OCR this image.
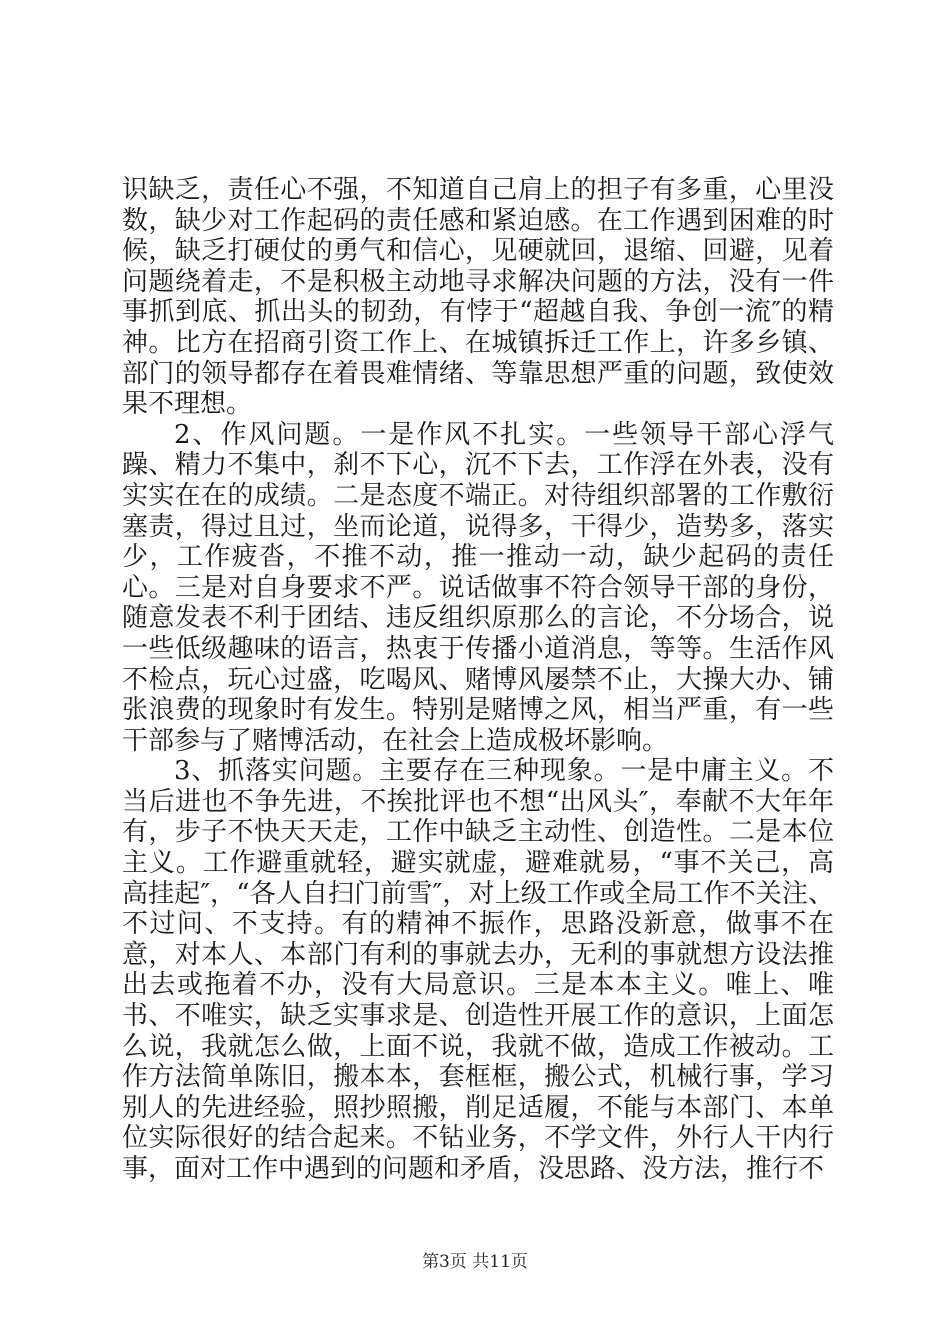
识缺乏，责任心不强，不知道自己肩上的担子有多重，心里没数，缺少对工作起码的责任感和紧迫感。在工作遇到困难的时候，缺乏打硬仗的勇气和信心，见硬就回，退缩、回避，见着问题绕着走，不是积极主动地寻求解决问题的方法，没有一件事抓到底、抓出头的韧劲，有悖于“超越自我、争创一流″的精神。比方在招商引资工作上、在城镇拆迁工作上，许多乡镇、部门的领导都存在着畏难情绪、等靠思想严重的问题，致使效果不理想。

2、作风问题。一是作风不扎实。一些领导干部心浮气躁、精力不集中，刹不下心，沉不下去，工作浮在外表，没有实实在在的成绩。二是态度不端正。对待组织部署的工作敷衍塞责，得过且过，坐而论道，说得多，干得少，造势多，落实少，工作疲沓，不推不动，推一推动一动，缺少起码的责任心。三是对自身要求不严。说话做事不符合领导干部的身份，随意发表不利于团结、违反组织原那么的言论，不分场合，说一些低级趣味的语言，热衷于传播小道消息，等等。生活作风不检点，玩心过盛，吃喝风、赌博风屡禁不止，大操大办、铺张浪费的现象时有发生。特别是赌博之风，相当严重，有一些干部参与了赌博活动，在社会上造成极坏影响。

3、抓落实问题。主要存在三种现象。一是中庸主义。不当后进也不争先进，不挨批评也不想“出风头″，奉献不大年年有，步子不快天天走，工作中缺乏主动性、创造性。二是本位主义。工作避重就轻，避实就虚，避难就易，“事不关己，高高挂起″，“各人自扫门前雪″，对上级工作或全局工作不关注、不过问、不支持。有的精神不振作，思路没新意，做事不在意，对本人、本部门有利的事就去办，无利的事就想方设法推出去或拖着不办，没有大局意识。三是本本主义。唯上、唯书、不唯实，缺乏实事求是、创造性开展工作的意识，上面怎么说，我就怎么做，上面不说，我就不做，造成工作被动。工作方法简单陈旧，搬本本，套框框，搬公式，机械行事，学习别人的先进经验，照抄照搬，削足适履，不能与本部门、本单位实际很好的结合起来。不钻业务，不学文件，外行人干内行事，面对工作中遇到的问题和矛盾，没思路、没方法，推行不

第3页 共11页
